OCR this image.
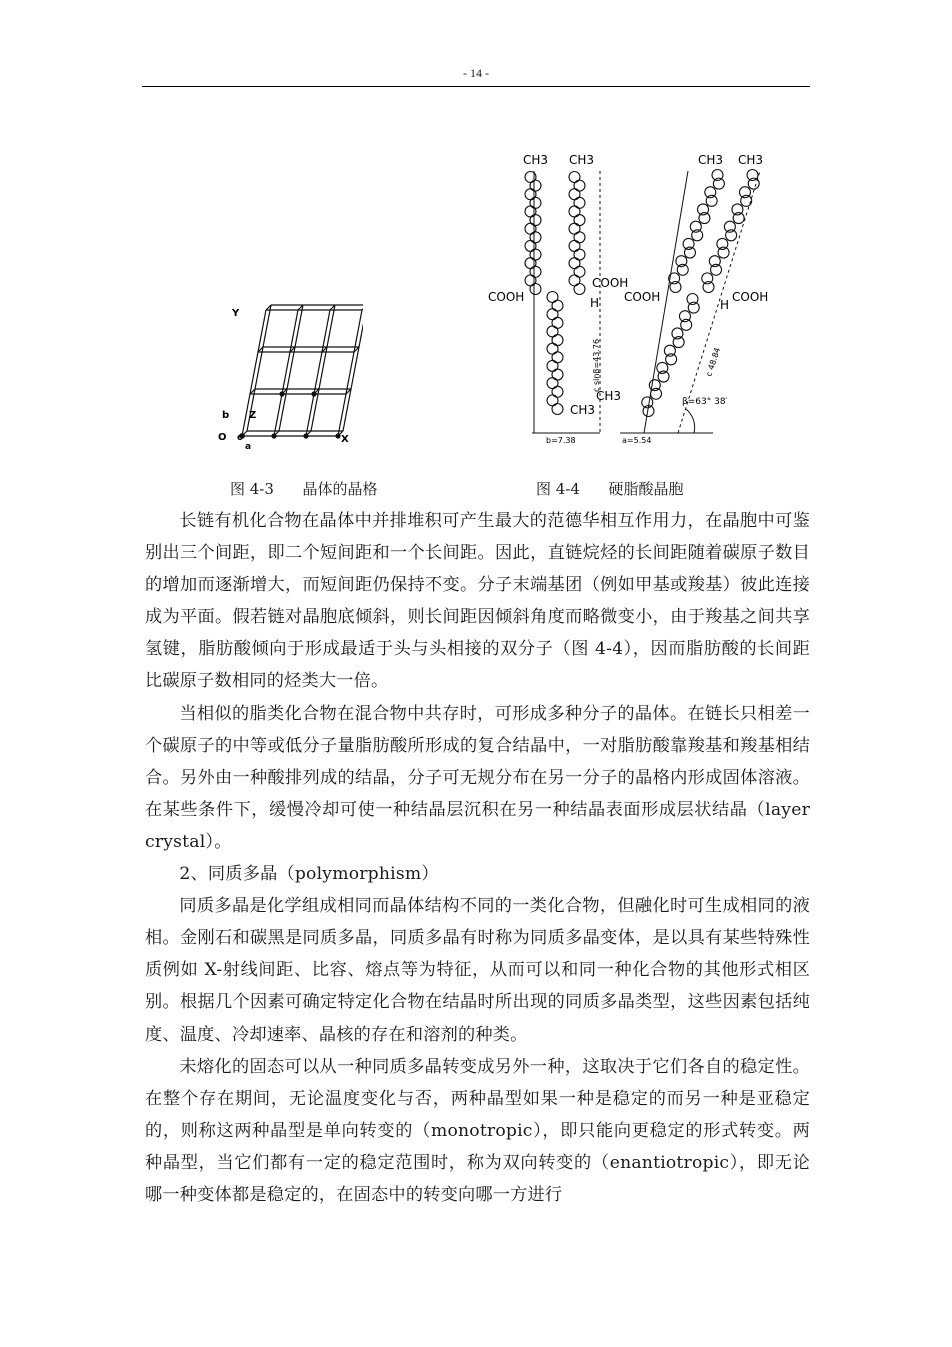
- 14 -
Y
b Z
O c
a
X
CH3 CH3	CH3 CH3
COOH
COOH
COOH	COOH
H	H
CH3
CH3
c sinβ=43.76	c 48.84
β=63° 38′
b=7.38	a=5.54
图 4-3      晶体的晶格	图 4-4      硬脂酸晶胞

长链有机化合物在晶体中并排堆积可产生最大的范德华相互作用力，在晶胞中可鉴别出三个间距，即二个短间距和一个长间距。因此，直链烷烃的长间距随着碳原子数目的增加而逐渐增大，而短间距仍保持不变。分子末端基团（例如甲基或羧基）彼此连接成为平面。假若链对晶胞底倾斜，则长间距因倾斜角度而略微变小，由于羧基之间共享氢键，脂肪酸倾向于形成最适于头与头相接的双分子（图 4-4），因而脂肪酸的长间距比碳原子数相同的烃类大一倍。

当相似的脂类化合物在混合物中共存时，可形成多种分子的晶体。在链长只相差一个碳原子的中等或低分子量脂肪酸所形成的复合结晶中，一对脂肪酸靠羧基和羧基相结合。另外由一种酸排列成的结晶，分子可无规分布在另一分子的晶格内形成固体溶液。在某些条件下，缓慢冷却可使一种结晶层沉积在另一种结晶表面形成层状结晶（layer crystal）。

2、同质多晶（polymorphism）

同质多晶是化学组成相同而晶体结构不同的一类化合物，但融化时可生成相同的液相。金刚石和碳黑是同质多晶，同质多晶有时称为同质多晶变体，是以具有某些特殊性质例如 X-射线间距、比容、熔点等为特征，从而可以和同一种化合物的其他形式相区别。根据几个因素可确定特定化合物在结晶时所出现的同质多晶类型，这些因素包括纯度、温度、冷却速率、晶核的存在和溶剂的种类。

未熔化的固态可以从一种同质多晶转变成另外一种，这取决于它们各自的稳定性。在整个存在期间，无论温度变化与否，两种晶型如果一种是稳定的而另一种是亚稳定的，则称这两种晶型是单向转变的（monotropic），即只能向更稳定的形式转变。两种晶型，当它们都有一定的稳定范围时，称为双向转变的（enantiotropic），即无论哪一种变体都是稳定的，在固态中的转变向哪一方进行
